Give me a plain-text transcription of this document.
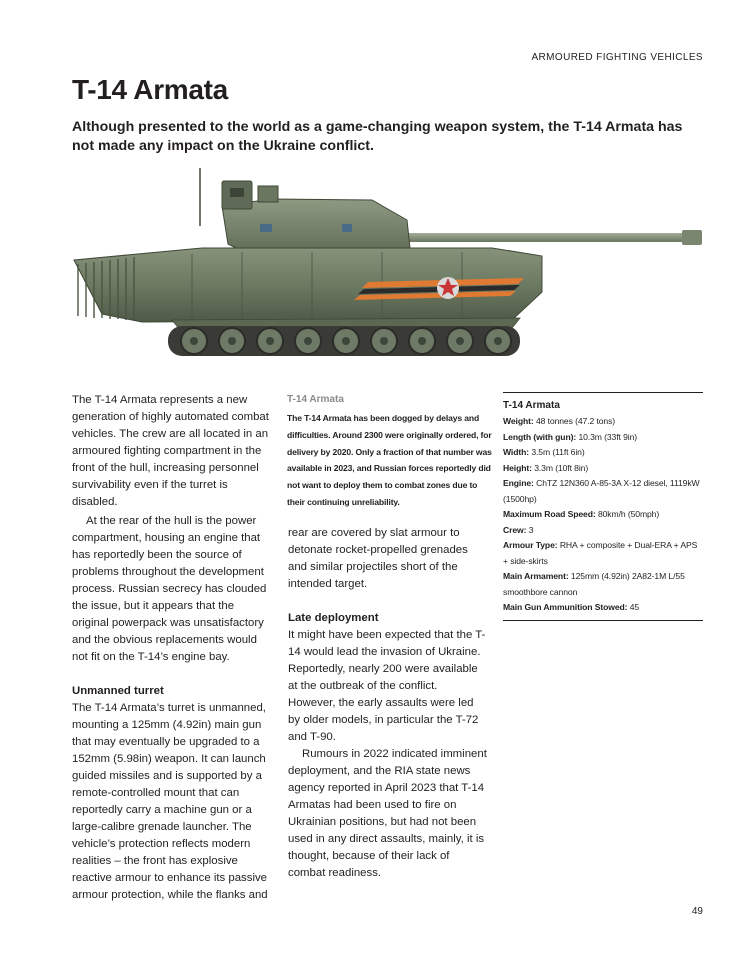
ARMOURED FIGHTING VEHICLES
T-14 Armata

Although presented to the world as a game-changing weapon system, the T-14 Armata has not made any impact on the Ukraine conflict.

The T-14 Armata represents a new generation of highly automated combat vehicles. The crew are all located in an armoured fighting compartment in the front of the hull, increasing personnel survivability even if the turret is disabled.

At the rear of the hull is the power compartment, housing an engine that has reportedly been the source of problems throughout the development process. Russian secrecy has clouded the issue, but it appears that the original powerpack was unsatisfactory and the obvious replacements would not fit on the T-14’s engine bay.

Unmanned turret

The T-14 Armata’s turret is unmanned, mounting a 125mm (4.92in) main gun that may eventually be upgraded to a 152mm (5.98in) weapon. It can launch guided missiles and is supported by a remote-controlled mount that can reportedly carry a machine gun or a large-calibre grenade launcher. The vehicle’s protection reflects modern realities – the front has explosive reactive armour to enhance its passive armour protection, while the flanks and

T-14 Armata

The T-14 Armata has been dogged by delays and difficulties. Around 2300 were originally ordered, for delivery by 2020. Only a fraction of that number was available in 2023, and Russian forces reportedly did not want to deploy them to combat zones due to their continuing unreliability.

rear are covered by slat armour to detonate rocket-propelled grenades and similar projectiles short of the intended target.

Late deployment

It might have been expected that the T-14 would lead the invasion of Ukraine. Reportedly, nearly 200 were available at the outbreak of the conflict. However, the early assaults were led by older models, in particular the T-72 and T-90.

Rumours in 2022 indicated imminent deployment, and the RIA state news agency reported in April 2023 that T-14 Armatas had been used to fire on Ukrainian positions, but had not been used in any direct assaults, mainly, it is thought, because of their lack of combat readiness.

T-14 Armata
Weight: 48 tonnes (47.2 tons)
Length (with gun): 10.3m (33ft 9in)
Width: 3.5m (11ft 6in)
Height: 3.3m (10ft 8in)
Engine: ChTZ 12N360 A-85-3A X-12 diesel, 1119kW (1500hp)
Maximum Road Speed: 80km/h (50mph)
Crew: 3
Armour Type: RHA + composite + Dual-ERA + APS + side-skirts
Main Armament: 125mm (4.92in) 2A82-1M L/55 smoothbore cannon
Main Gun Ammunition Stowed: 45
49
